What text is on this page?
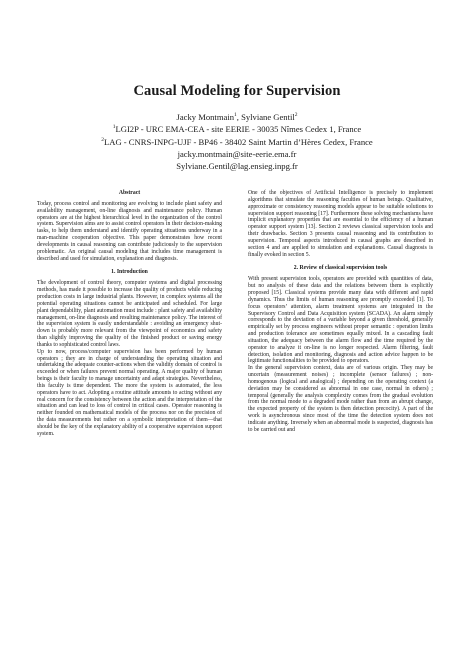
Causal Modeling for Supervision
Jacky Montmain$^1$, Sylviane Gentil$^2$
$^1$LGI2P - URC EMA-CEA - site EERIE - 30035 Nîmes Cedex 1, France
$^2$LAG - CNRS-INPG-UJF - BP46 - 38402 Saint Martin d’Hères Cedex, France
jacky.montmain@site-eerie.ema.fr
Sylviane.Gentil@lag.ensieg.inpg.fr
Abstract

Today, process control and monitoring are evolving to include plant safety and availability management, on-line diagnosis and maintenance policy. Human operators are at the highest hierarchical level in the organization of the control system. Supervision aims are to assist control operators in their decision-making tasks, to help them understand and identify operating situations underway in a man-machine cooperation objective. This paper demonstrates how recent developments in causal reasoning can contribute judiciously to the supervision problematic. An original causal modeling that includes time management is described and used for simulation, explanation and diagnosis.

1. Introduction

The development of control theory, computer systems and digital processing methods, has made it possible to increase the quality of products while reducing production costs in large industrial plants. However, in complex systems all the potential operating situations cannot be anticipated and scheduled. For large plant dependability, plant automation must include : plant safety and availability management, on-line diagnosis and resulting maintenance policy. The interest of the supervision system is easily understandable : avoiding an emergency shut-down is probably more relevant from the viewpoint of economics and safety than slightly improving the quality of the finished product or saving energy thanks to sophisticated control laws.

Up to now, process/computer supervision has been performed by human operators ; they are in charge of understanding the operating situation and undertaking the adequate counter-actions when the validity domain of control is exceeded or when failures prevent normal operating. A major quality of human beings is their faculty to manage uncertainty and adapt strategies. Nevertheless, this faculty is time dependent. The more the system is automated, the less operators have to act. Adopting a routine attitude amounts to acting without any real concern for the consistency between the action and the interpretation of the situation and can lead to loss of control in critical cases. Operator reasoning is neither founded on mathematical models of the process nor on the precision of the data measurements but rather on a symbolic interpretation of them—that should be the key of the explanatory ability of a cooperative supervision support system.

One of the objectives of Artificial Intelligence is precisely to implement algorithms that simulate the reasoning faculties of human beings. Qualitative, approximate or consistency reasoning models appear to be suitable solutions to supervision support reasoning [17]. Furthermore these solving mechanisms have implicit explanatory properties that are essential to the efficiency of a human operator support system [13]. Section 2 reviews classical supervision tools and their drawbacks. Section 3 presents causal reasoning and its contribution to supervision. Temporal aspects introduced in causal graphs are described in section 4 and are applied to simulation and explanations. Causal diagnosis is finally evoked in section 5.

2. Review of classical supervision tools

With present supervision tools, operators are provided with quantities of data, but no analysis of these data and the relations between them is explicitly proposed [15]. Classical systems provide many data with different and rapid dynamics. Thus the limits of human reasoning are promptly exceeded [1]. To focus operators’ attention, alarm treatment systems are integrated in the Supervisory Control and Data Acquisition system (SCADA). An alarm simply corresponds to the deviation of a variable beyond a given threshold, generally empirically set by process engineers without proper semantic : operation limits and production tolerance are sometimes equally mixed. In a cascading fault situation, the adequacy between the alarm flow and the time required by the operator to analyze it on-line is no longer respected. Alarm filtering, fault detection, isolation and monitoring, diagnosis and action advice happen to be legitimate functionalities to be provided to operators.

In the general supervision context, data are of various origin. They may be uncertain (measurement noises) ; incomplete (sensor failures) ; non-homogenous (logical and analogical) ; depending on the operating context (a deviation may be considered as abnormal in one case, normal in others) ; temporal (generally the analysis complexity comes from the gradual evolution from the normal mode to a degraded mode rather than from an abrupt change, the expected property of the system is then detection precocity). A part of the work is asynchronous since most of the time the detection system does not indicate anything. Inversely when an abnormal mode is suspected, diagnosis has to be carried out and
